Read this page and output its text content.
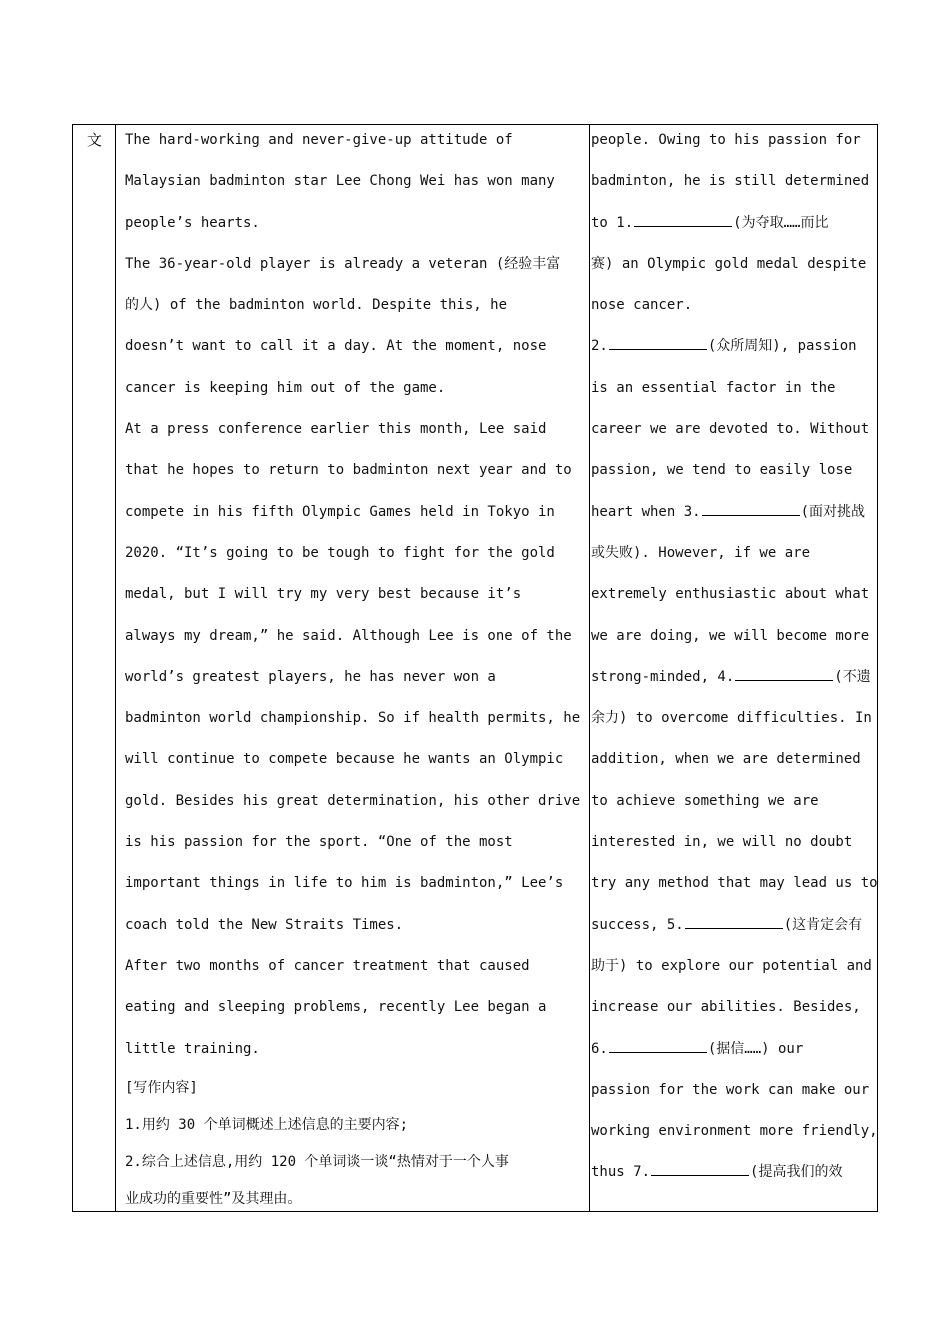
文 The hard-working and never-give-up attitude of
Malaysian badminton star Lee Chong Wei has won many
people’s hearts.
The 36-year-old player is already a veteran (经验丰富
的人) of the badminton world. Despite this, he
doesn’t want to call it a day. At the moment, nose
cancer is keeping him out of the game.
At a press conference earlier this month, Lee said
that he hopes to return to badminton next year and to
compete in his fifth Olympic Games held in Tokyo in
2020. “It’s going to be tough to fight for the gold
medal, but I will try my very best because it’s
always my dream,” he said. Although Lee is one of the
world’s greatest players, he has never won a
badminton world championship. So if health permits, he
will continue to compete because he wants an Olympic
gold. Besides his great determination, his other drive
is his passion for the sport. “One of the most
important things in life to him is badminton,” Lee’s
coach told the New Straits Times.
After two months of cancer treatment that caused
eating and sleeping problems, recently Lee began a
little training.
[写作内容]
1.用约 30 个单词概述上述信息的主要内容;
2.综合上述信息,用约 120 个单词谈一谈“热情对于一个人事
业成功的重要性”及其理由。
people. Owing to his passion for
badminton, he is still determined
to 1.	(为夺取……而比
赛) an Olympic gold medal despite
nose cancer.
2.	(众所周知), passion
is an essential factor in the
career we are devoted to. Without
passion, we tend to easily lose
heart when 3.	(面对挑战
或失败). However, if we are
extremely enthusiastic about what
we are doing, we will become more
strong-minded, 4.	(不遗
余力) to overcome difficulties. In
addition, when we are determined
to achieve something we are
interested in, we will no doubt
try any method that may lead us to
success, 5.	(这肯定会有
助于) to explore our potential and
increase our abilities. Besides,
6.	(据信……) our
passion for the work can make our
working environment more friendly,
thus 7.	(提高我们的效
